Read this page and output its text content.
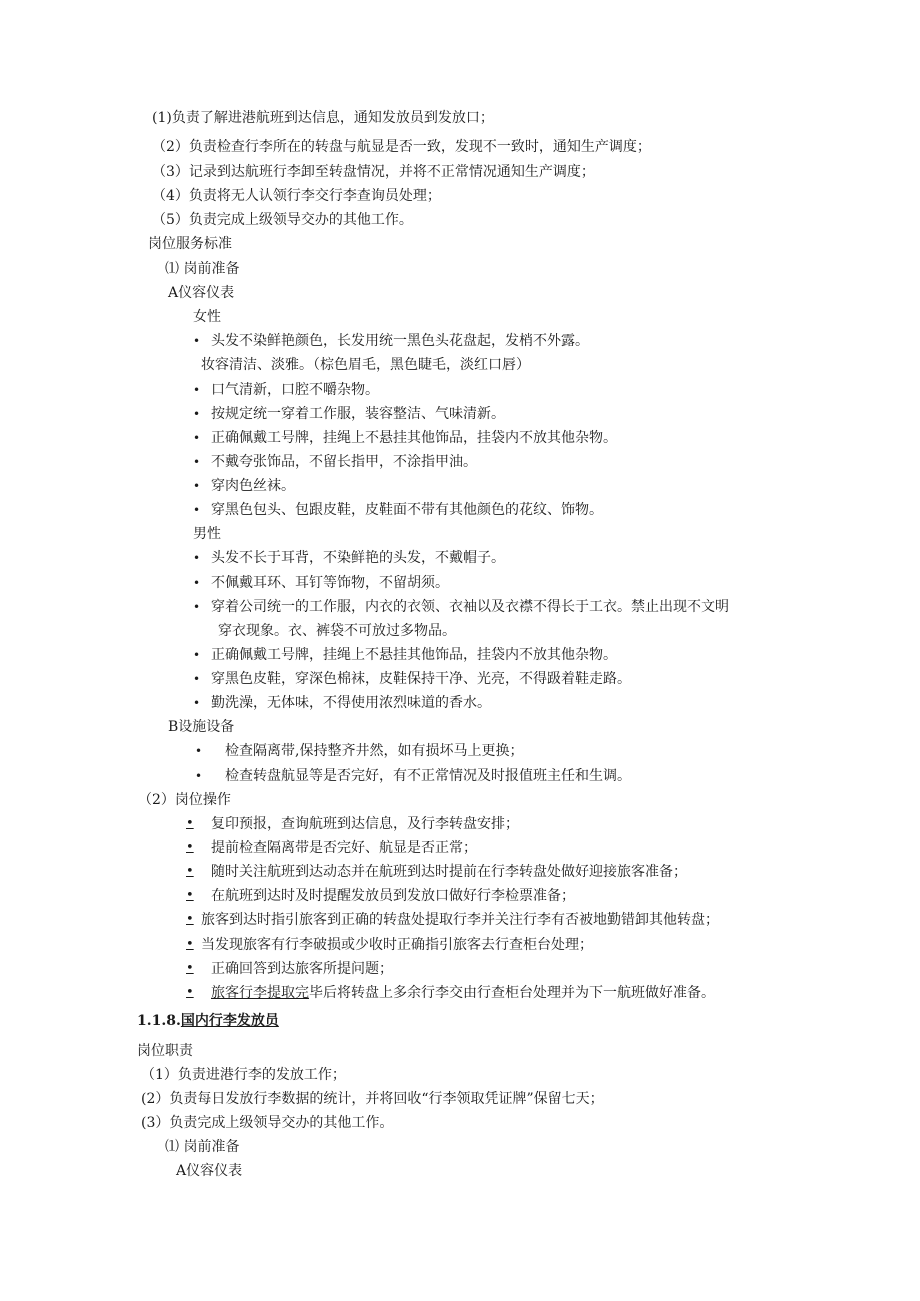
(1)负责了解进港航班到达信息，通知发放员到发放口；
（2）负责检查行李所在的转盘与航显是否一致，发现不一致时，通知生产调度；
（3）记录到达航班行李卸至转盘情况，并将不正常情况通知生产调度；
（4）负责将无人认领行李交行李查询员处理；
（5）负责完成上级领导交办的其他工作。
岗位服务标准
⑴ 岗前准备
A仪容仪表
女性
• 头发不染鲜艳颜色，长发用统一黑色头花盘起，发梢不外露。
妆容清洁、淡雅。（棕色眉毛，黑色睫毛，淡红口唇）
• 口气清新，口腔不嚼杂物。
• 按规定统一穿着工作服，装容整洁、气味清新。
• 正确佩戴工号牌，挂绳上不悬挂其他饰品，挂袋内不放其他杂物。
• 不戴夸张饰品，不留长指甲，不涂指甲油。
• 穿肉色丝袜。
• 穿黑色包头、包跟皮鞋，皮鞋面不带有其他颜色的花纹、饰物。
男性
• 头发不长于耳背，不染鲜艳的头发，不戴帽子。
• 不佩戴耳环、耳钉等饰物，不留胡须。
• 穿着公司统一的工作服，内衣的衣领、衣袖以及衣襟不得长于工衣。禁止出现不文明
穿衣现象。衣、裤袋不可放过多物品。
• 正确佩戴工号牌，挂绳上不悬挂其他饰品，挂袋内不放其他杂物。
• 穿黑色皮鞋，穿深色棉袜，皮鞋保持干净、光亮，不得趿着鞋走路。
• 勤洗澡，无体味，不得使用浓烈味道的香水。
B设施设备
• 检查隔离带,保持整齐井然，如有损坏马上更换；
• 检查转盘航显等是否完好，有不正常情况及时报值班主任和生调。
（2）岗位操作
• 复印预报，查询航班到达信息，及行李转盘安排；
• 提前检查隔离带是否完好、航显是否正常；
• 随时关注航班到达动态并在航班到达时提前在行李转盘处做好迎接旅客准备；
• 在航班到达时及时提醒发放员到发放口做好行李检票准备；
• 旅客到达时指引旅客到正确的转盘处提取行李并关注行李有否被地勤错卸其他转盘；
• 当发现旅客有行李破损或少收时正确指引旅客去行查柜台处理；
• 正确回答到达旅客所提问题；
• 旅客行李提取完毕后将转盘上多余行李交由行查柜台处理并为下一航班做好准备。
1.1.8.国内行李发放员
岗位职责
（1）负责进港行李的发放工作；
(2）负责每日发放行李数据的统计，并将回收“行李领取凭证牌”保留七天；
(3）负责完成上级领导交办的其他工作。
⑴ 岗前准备
A仪容仪表
